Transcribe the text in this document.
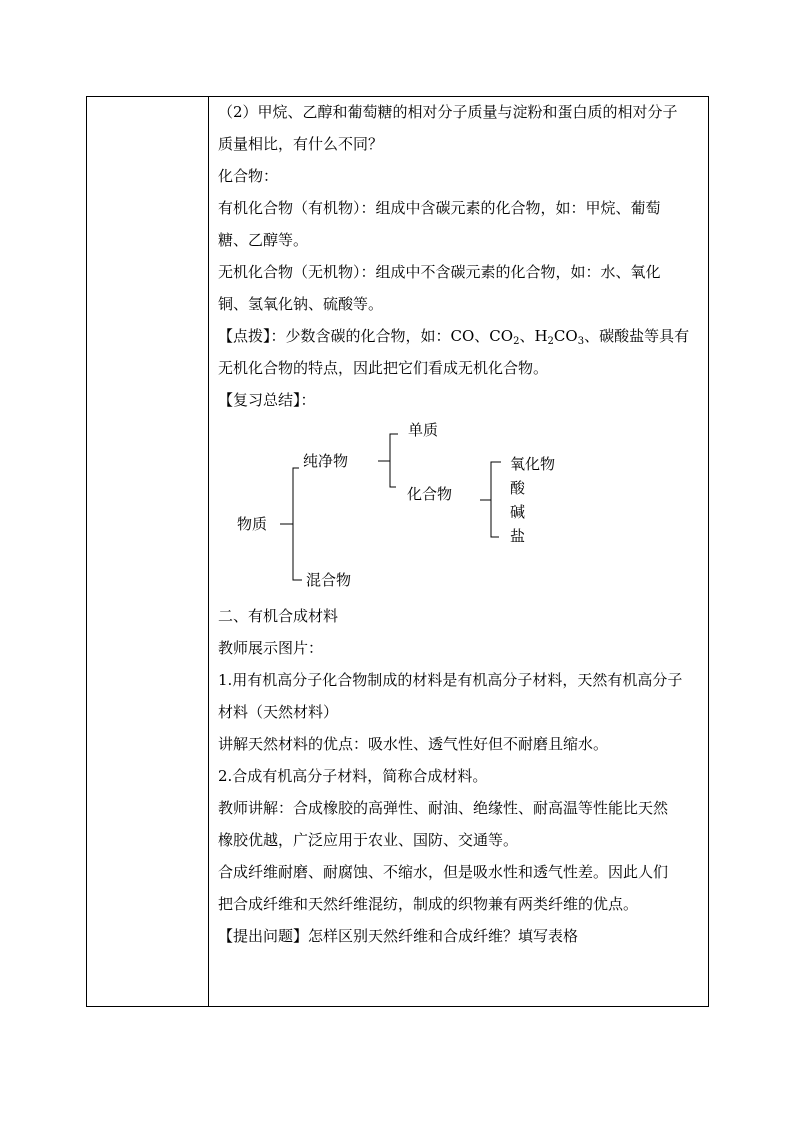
（2）甲烷、乙醇和葡萄糖的相对分子质量与淀粉和蛋白质的相对分子
质量相比，有什么不同？
化合物：
有机化合物（有机物）：组成中含碳元素的化合物，如：甲烷、葡萄
糖、乙醇等。
无机化合物（无机物）：组成中不含碳元素的化合物，如：水、氧化
铜、氢氧化钠、硫酸等。
【点拨】：少数含碳的化合物，如：CO、$CO_2$、$H_2CO_3$、碳酸盐等具有
无机化合物的特点，因此把它们看成无机化合物。
【复习总结】：
物质
纯净物
混合物
单质
化合物
氧化物
酸
碱
盐
二、有机合成材料
教师展示图片：
1.用有机高分子化合物制成的材料是有机高分子材料，天然有机高分子
材料（天然材料）
讲解天然材料的优点：吸水性、透气性好但不耐磨且缩水。
2.合成有机高分子材料，简称合成材料。
教师讲解：合成橡胶的高弹性、耐油、绝缘性、耐高温等性能比天然
橡胶优越，广泛应用于农业、国防、交通等。
合成纤维耐磨、耐腐蚀、不缩水，但是吸水性和透气性差。因此人们
把合成纤维和天然纤维混纺，制成的织物兼有两类纤维的优点。
【提出问题】怎样区别天然纤维和合成纤维？填写表格
